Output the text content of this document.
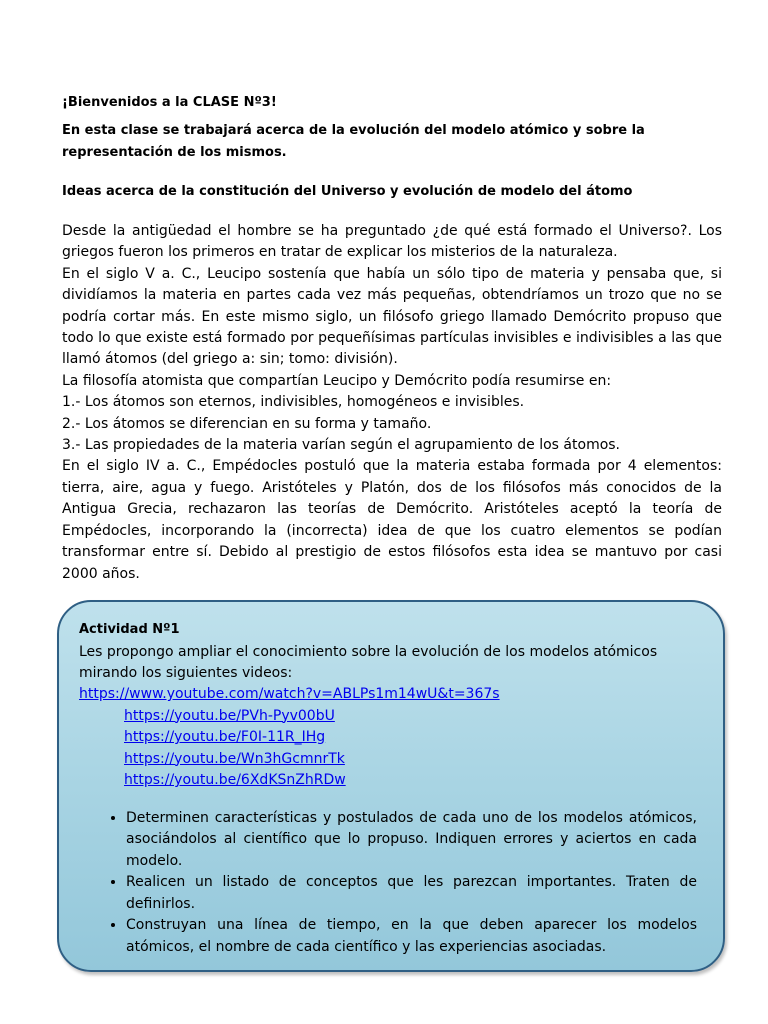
¡Bienvenidos a la CLASE Nº3!

En esta clase se trabajará acerca de la evolución del modelo atómico y sobre la
representación de los mismos.

Ideas acerca de la constitución del Universo y evolución de modelo del átomo

Desde la antigüedad el hombre se ha preguntado ¿de qué está formado el Universo?. Los griegos fueron los primeros en tratar de explicar los misterios de la naturaleza.

En el siglo V a. C., Leucipo sostenía que había un sólo tipo de materia y pensaba que, si dividíamos la materia en partes cada vez más pequeñas, obtendríamos un trozo que no se podría cortar más. En este mismo siglo, un filósofo griego llamado Demócrito propuso que todo lo que existe está formado por pequeñísimas partículas invisibles e indivisibles a las que llamó átomos (del griego a: sin; tomo: división).

La filosofía atomista que compartían Leucipo y Demócrito podía resumirse en:

1.- Los átomos son eternos, indivisibles, homogéneos e invisibles.

2.- Los átomos se diferencian en su forma y tamaño.

3.- Las propiedades de la materia varían según el agrupamiento de los átomos.

En el siglo IV a. C., Empédocles postuló que la materia estaba formada por 4 elementos: tierra, aire, agua y fuego. Aristóteles y Platón, dos de los filósofos más conocidos de la Antigua Grecia, rechazaron las teorías de Demócrito. Aristóteles aceptó la teoría de Empédocles, incorporando la (incorrecta) idea de que los cuatro elementos se podían transformar entre sí. Debido al prestigio de estos filósofos esta idea se mantuvo por casi 2000 años.

Actividad Nº1

Les propongo ampliar el conocimiento sobre la evolución de los modelos atómicos mirando los siguientes videos:

https://www.youtube.com/watch?v=ABLPs1m14wU&t=367s
https://youtu.be/PVh-Pyv00bU
https://youtu.be/F0I-11R_IHg
https://youtu.be/Wn3hGcmnrTk
https://youtu.be/6XdKSnZhRDw
• Determinen características y postulados de cada uno de los modelos atómicos, asociándolos al científico que lo propuso. Indiquen errores y aciertos en cada modelo.
• Realicen un listado de conceptos que les parezcan importantes. Traten de definirlos.
• Construyan una línea de tiempo, en la que deben aparecer los modelos atómicos, el nombre de cada científico y las experiencias asociadas.
